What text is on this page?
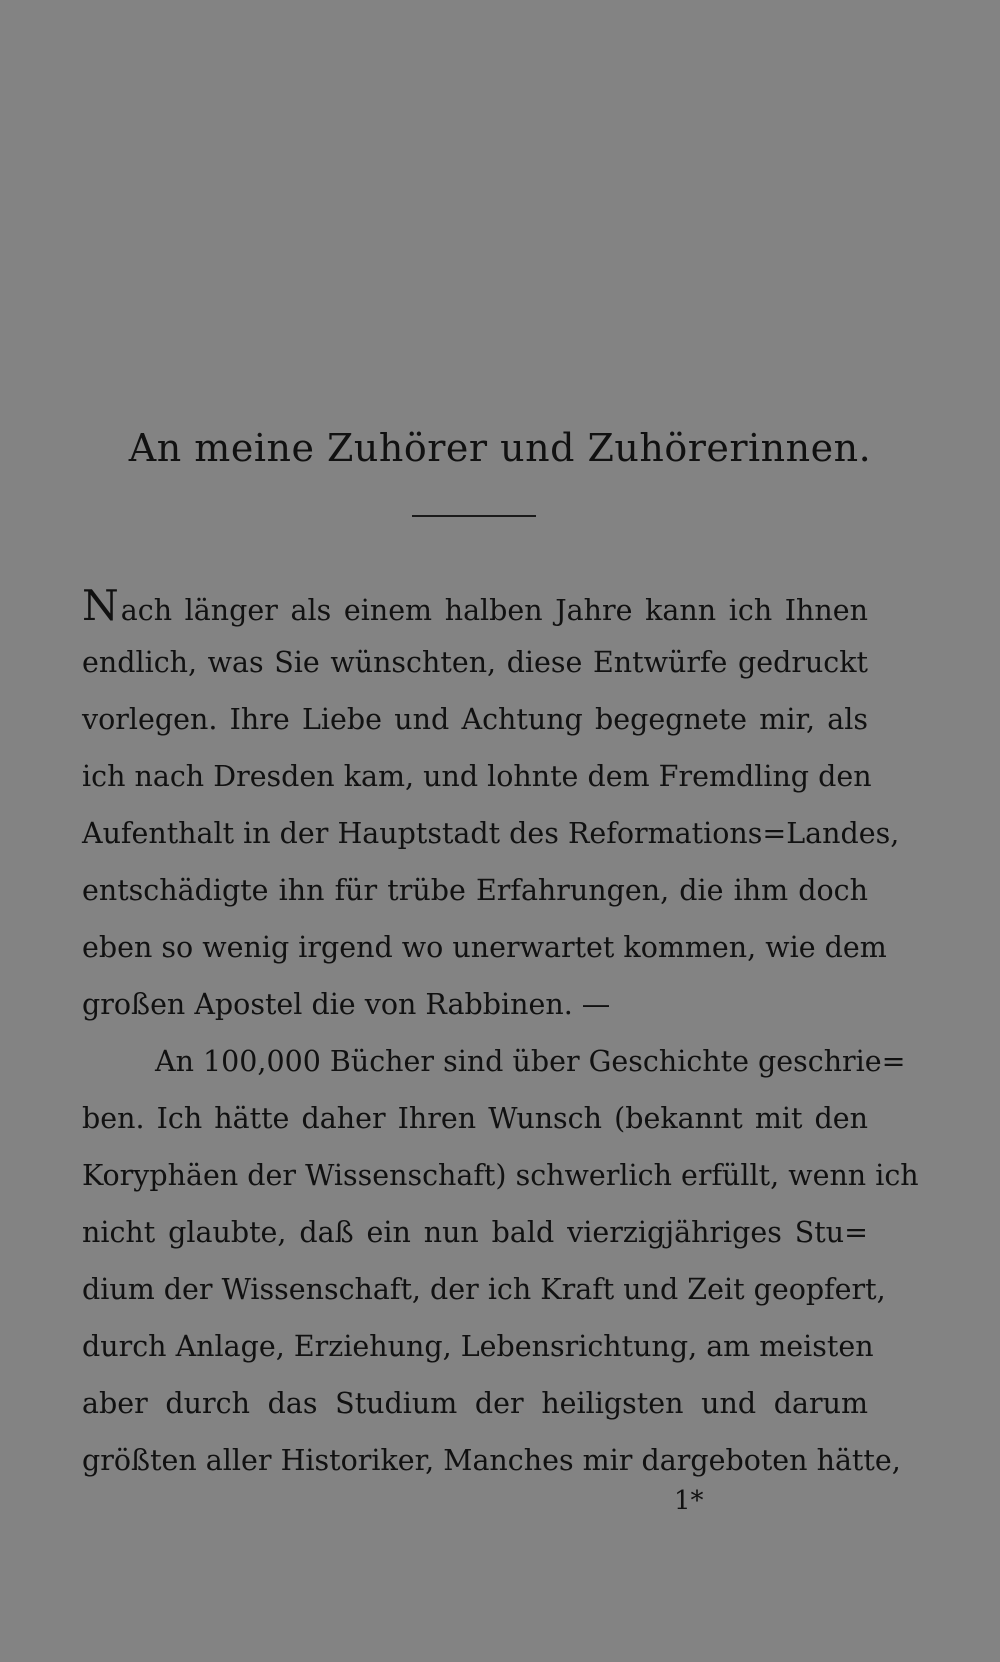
An meine Zuhörer und Zuhörerinnen.
Nach länger als einem halben Jahre kann ich Ihnen
endlich, was Sie wünschten, diese Entwürfe gedruckt
vorlegen. Ihre Liebe und Achtung begegnete mir, als
ich nach Dresden kam, und lohnte dem Fremdling den
Aufenthalt in der Hauptstadt des Reformations=Landes,
entschädigte ihn für trübe Erfahrungen, die ihm doch
eben so wenig irgend wo unerwartet kommen, wie dem
großen Apostel die von Rabbinen. —
An 100,000 Bücher sind über Geschichte geschrie=
ben. Ich hätte daher Ihren Wunsch (bekannt mit den
Koryphäen der Wissenschaft) schwerlich erfüllt, wenn ich
nicht glaubte, daß ein nun bald vierzigjähriges Stu=
dium der Wissenschaft, der ich Kraft und Zeit geopfert,
durch Anlage, Erziehung, Lebensrichtung, am meisten
aber durch das Studium der heiligsten und darum
größten aller Historiker, Manches mir dargeboten hätte,
1*
